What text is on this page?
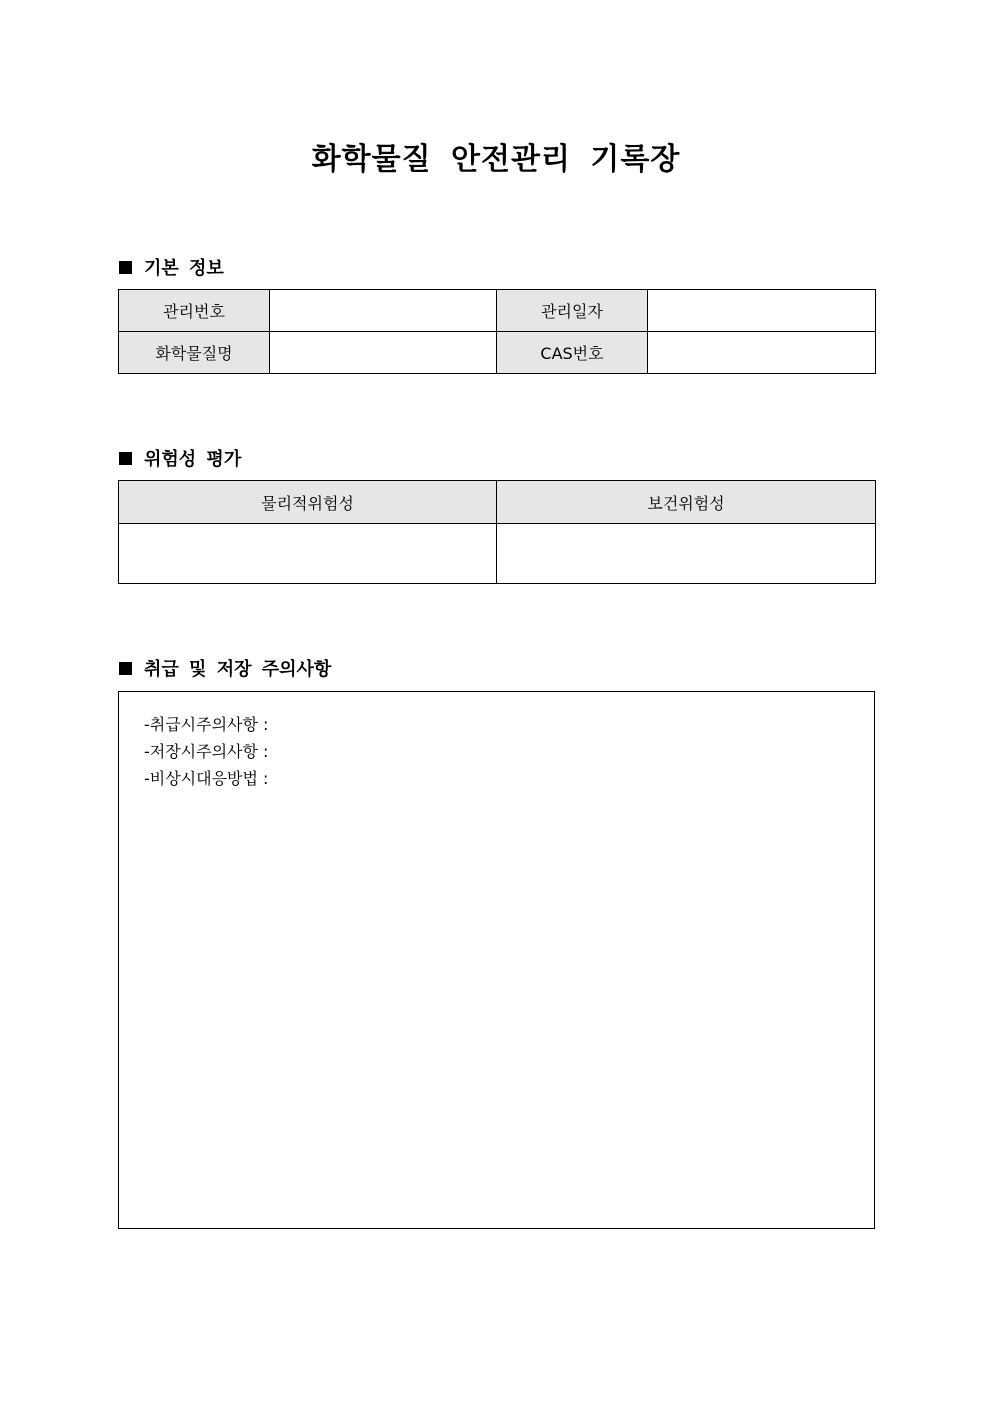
화학물질 안전관리 기록장
기본 정보
관리번호		관리일자	
화학물질명		CAS번호	
위험성 평가
물리적위험성	보건위험성

취급 및 저장 주의사항
-취급시주의사항 :
-저장시주의사항 :
-비상시대응방법 :
